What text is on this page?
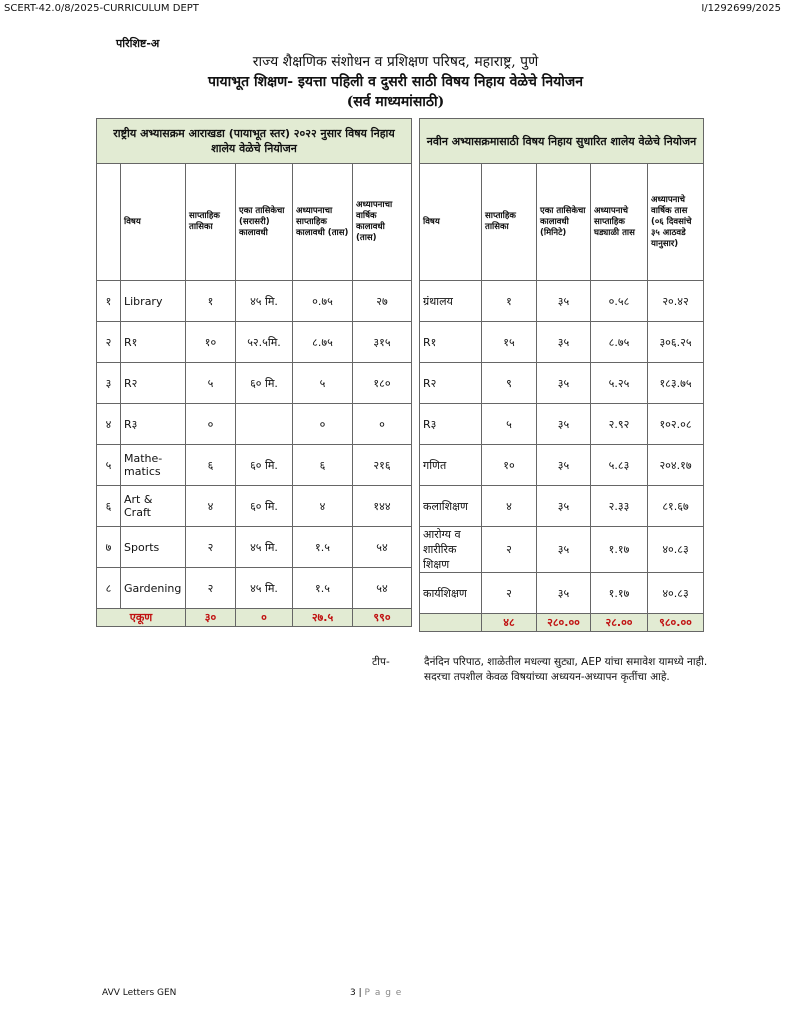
SCERT-42.0/8/2025-CURRICULUM DEPT	I/1292699/2025
परिशिष्ट-अ
राज्य शैक्षणिक संशोधन व प्रशिक्षण परिषद, महाराष्ट्र, पुणे
पायाभूत शिक्षण- इयत्ता पहिली व दुसरी साठी विषय निहाय वेळेचे नियोजन
(सर्व माध्यमांसाठी)
राष्ट्रीय अभ्यासक्रम आराखडा (पायाभूत स्तर) २०२२ नुसार विषय निहाय शालेय वेळेचे नियोजन					
	विषय	साप्ताहिक तासिका	एका तासिकेचा (सरासरी) कालावधी	अध्यापनाचा साप्ताहिक कालावधी (तास)	अध्यापनाचा वार्षिक कालावधी (तास)
१	Library	१	४५ मि.	०.७५	२७
२	R१	१०	५२.५मि.	८.७५	३१५
३	R२	५	६० मि.	५	१८०
४	R३	०		०	०
५	Mathe-matics	६	६० मि.	६	२१६
६	Art & Craft	४	६० मि.	४	१४४
७	Sports	२	४५ मि.	१.५	५४
८	Gardening	२	४५ मि.	१.५	५४
एकूण		३०	०	२७.५	९९०
नवीन अभ्यासक्रमासाठी विषय निहाय सुधारित शालेय वेळेचे नियोजन				
विषय	साप्ताहिक तासिका	एका तासिकेचा कालावधी (मिनिटे)	अध्यापनाचे साप्ताहिक घड्याळी तास	अध्यापनाचे वार्षिक तास (०६ दिवसांचे ३५ आठवडे यानुसार)
ग्रंथालय	१	३५	०.५८	२०.४२
R१	१५	३५	८.७५	३०६.२५
R२	९	३५	५.२५	१८३.७५
R३	५	३५	२.९२	१०२.०८
गणित	१०	३५	५.८३	२०४.१७
कलाशिक्षण	४	३५	२.३३	८१.६७
आरोग्य व शारीरिक शिक्षण	२	३५	१.१७	४०.८३
कार्यशिक्षण	२	३५	१.१७	४०.८३
	४८	२८०.००	२८.००	९८०.००
टीप-	दैनंदिन परिपाठ, शाळेतील मधल्या सुट्या, AEP यांचा समावेश यामध्ये नाही. सदरचा तपशील केवळ विषयांच्या अध्ययन-अध्यापन कृतींचा आहे.
AVV Letters GEN	3 | P a g e
